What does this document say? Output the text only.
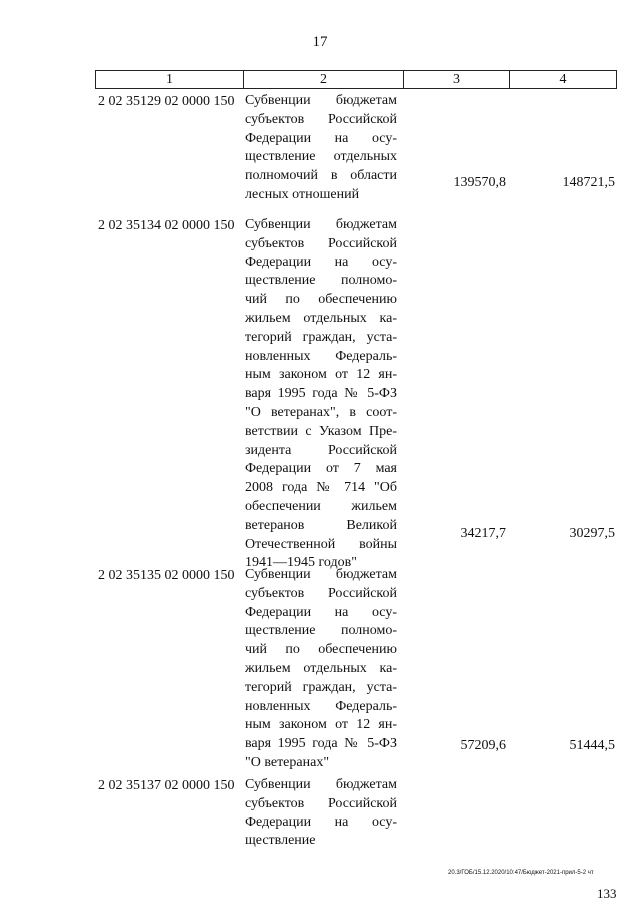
17
1	2	3	4
2 02 35129 02 0000 150 Субвенции бюджетам
субъектов Российской
Федерации на осу-
ществление отдельных
полномочий в области
лесных отношений
139570,8	148721,5
2 02 35134 02 0000 150 Субвенции бюджетам
субъектов Российской
Федерации на осу-
ществление полномо-
чий по обеспечению
жильем отдельных ка-
тегорий граждан, уста-
новленных Федераль-
ным законом от 12 ян-
варя 1995 года № 5-ФЗ
"О ветеранах", в соот-
ветствии с Указом Пре-
зидента Российской
Федерации от 7 мая
2008 года № 714 "Об
обеспечении жильем
ветеранов Великой
Отечественной войны
1941—1945 годов"
34217,7	30297,5
2 02 35135 02 0000 150 Субвенции бюджетам
субъектов Российской
Федерации на осу-
ществление полномо-
чий по обеспечению
жильем отдельных ка-
тегорий граждан, уста-
новленных Федераль-
ным законом от 12 ян-
варя 1995 года № 5-ФЗ
"О ветеранах"
57209,6	51444,5
2 02 35137 02 0000 150 Субвенции бюджетам
субъектов Российской
Федерации на осу-
ществление
20.3/ГОБ/15.12.2020/10:47/Бюджет-2021-прил-5-2 чт
133
